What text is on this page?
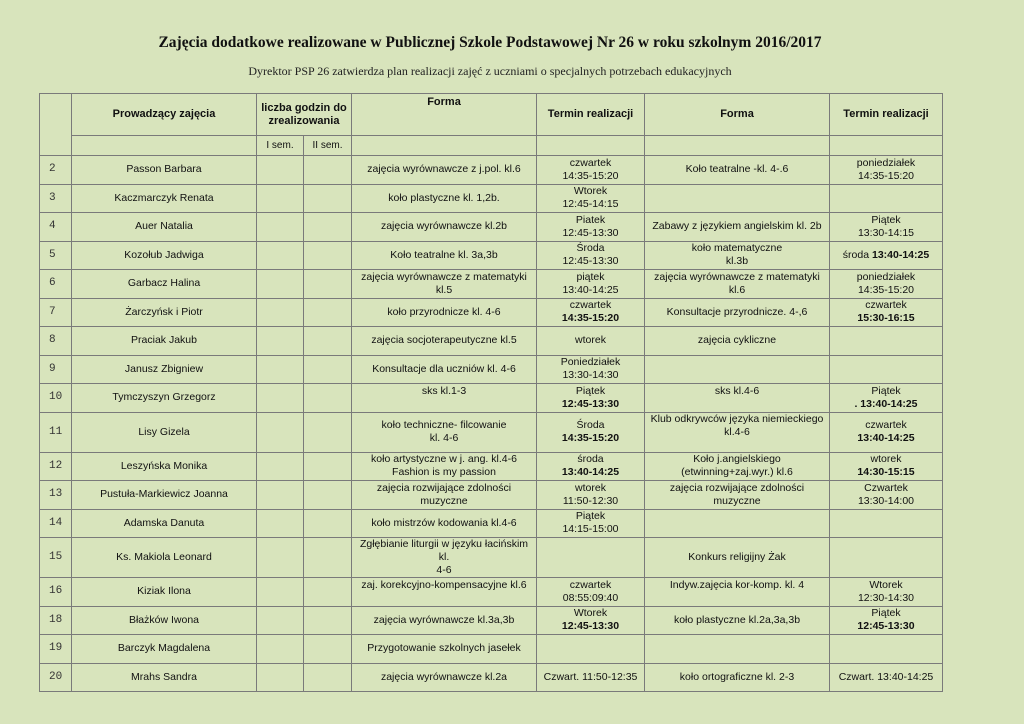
Zajęcia dodatkowe realizowane w Publicznej Szkole Podstawowej Nr 26 w roku szkolnym 2016/2017
Dyrektor PSP 26 zatwierdza plan realizacji zajęć z uczniami o specjalnych potrzebach edukacyjnych
	Prowadzący zajęcia	liczba godzin do zrealizowania		Forma	Termin realizacji	Forma	Termin realizacji
		I sem.	II sem.				
2	Passon Barbara			zajęcia wyrównawcze z j.pol. kl.6	czwartek
14:35-15:20	Koło teatralne -kl. 4-.6	poniedziałek
14:35-15:20

3	Kaczmarczyk Renata			koło plastyczne kl. 1,2b.	Wtorek
12:45-14:15		

4	Auer Natalia			zajęcia wyrównawcze kl.2b	Piatek
12:45-13:30	Zabawy z językiem angielskim kl. 2b	Piątek
13:30-14:15

5	Kozołub Jadwiga			Koło teatralne kl. 3a,3b	Środa
12:45-13:30	koło matematyczne
kl.3b	środa 13:40-14:25

6	Garbacz Halina			zajęcia wyrównawcze z matematyki kl.5	piątek
13:40-14:25	zajęcia wyrównawcze z matematyki
kl.6	poniedziałek
14:35-15:20

7	Żarczyńsk i Piotr			koło przyrodnicze kl. 4-6	czwartek
14:35-15:20	Konsultacje przyrodnicze. 4-,6	czwartek
15:30-16:15

8	Praciak Jakub			zajęcia socjoterapeutyczne kl.5	wtorek	zajęcia cykliczne	

9	Janusz Zbigniew			Konsultacje dla uczniów kl. 4-6	Poniedziałek
13:30-14:30		

10	Tymczyszyn Grzegorz			sks kl.1-3	Piątek
12:45-13:30	sks kl.4-6	Piątek
. 13:40-14:25

11	Lisy Gizela			koło techniczne- filcowanie
kl. 4-6	Środa
14:35-15:20	Klub odkrywców języka niemieckiego
kl.4-6	czwartek
13:40-14:25

12	Leszyńska Monika			koło artystyczne w j. ang. kl.4-6
Fashion is my passion	środa
13:40-14:25	Koło j.angielskiego
(etwinning+zaj.wyr.) kl.6	wtorek
14:30-15:15

13	Pustuła-Markiewicz Joanna			zajęcia rozwijające zdolności muzyczne	wtorek
11:50-12:30	zajęcia rozwijające zdolności muzyczne	Czwartek
13:30-14:00

14	Adamska Danuta			koło mistrzów kodowania kl.4-6	Piątek
14:15-15:00		

15	Ks. Makiola Leonard			Zgłębianie liturgii w języku łacińskim kl.
4-6		Konkurs religijny Żak	

16	Kiziak Ilona			zaj. korekcyjno-kompensacyjne kl.6	czwartek
08:55:09:40	Indyw.zajęcia kor-komp. kl. 4	Wtorek
12:30-14:30

18	Błażków Iwona			zajęcia wyrównawcze kl.3a,3b	Wtorek
12:45-13:30	koło plastyczne kl.2a,3a,3b	Piątek
12:45-13:30

19	Barczyk Magdalena			Przygotowanie szkolnych jasełek			

20	Mrahs Sandra			zajęcia wyrównawcze kl.2a	Czwart. 11:50-12:35	koło ortograficzne kl. 2-3	Czwart. 13:40-14:25
